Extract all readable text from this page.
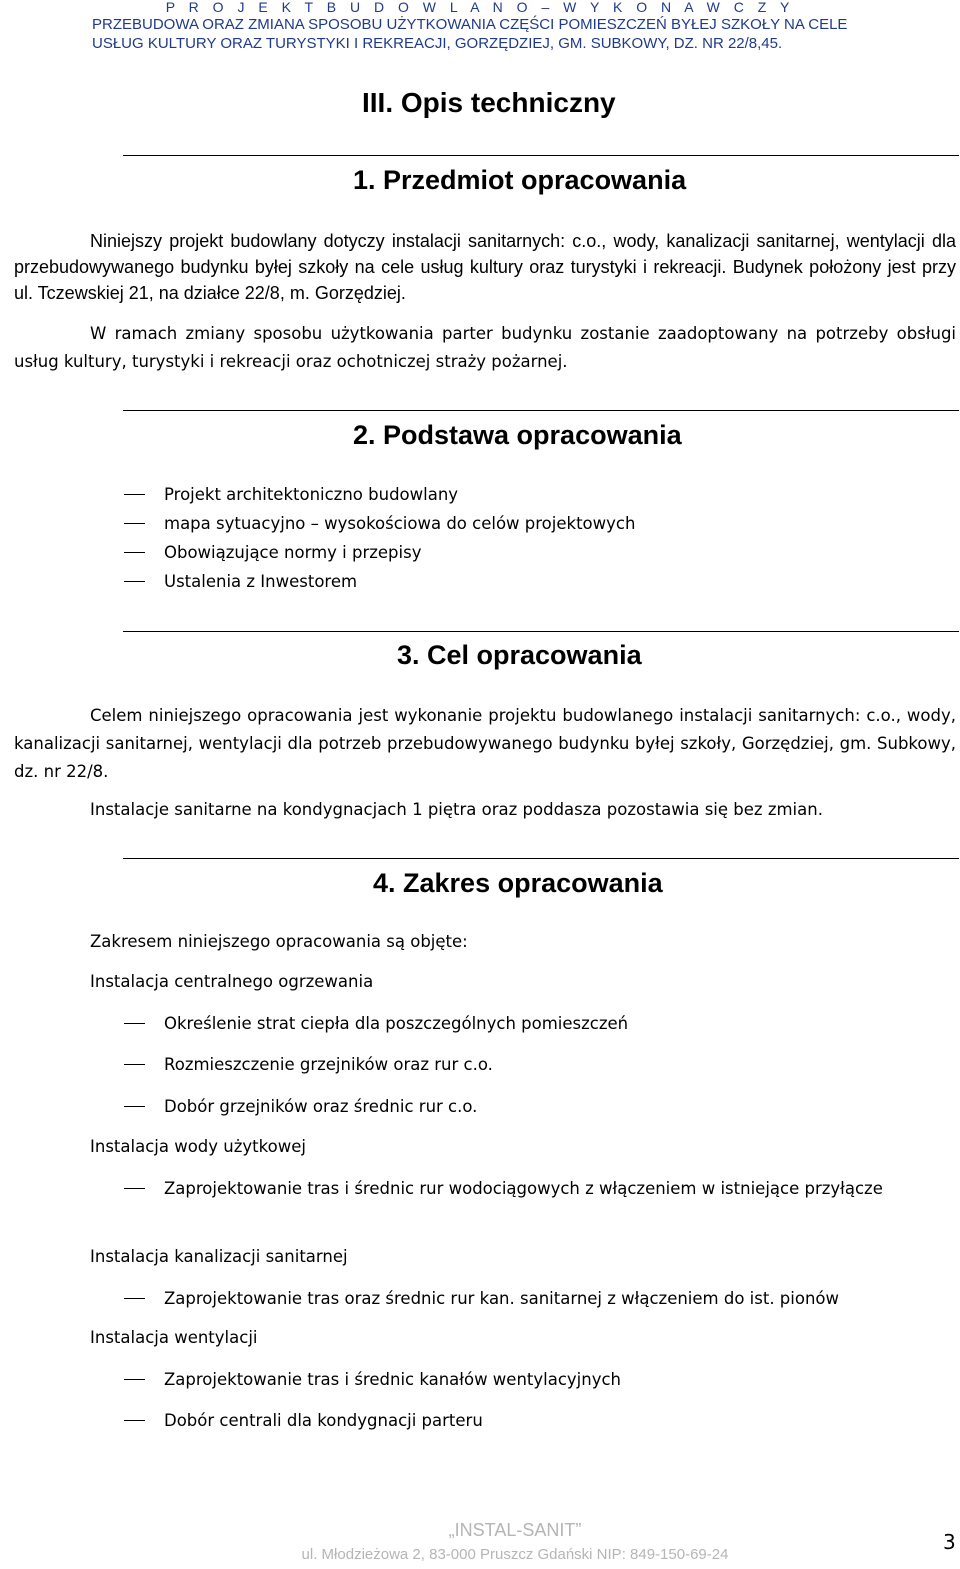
P R O J E K T B U D O W L A N O – W Y K O N A W C Z Y
PRZEBUDOWA ORAZ ZMIANA SPOSOBU UŻYTKOWANIA CZĘŚCI POMIESZCZEŃ BYŁEJ SZKOŁY NA CELE
USŁUG KULTURY ORAZ TURYSTYKI I REKREACJI, GORZĘDZIEJ, GM. SUBKOWY, DZ. NR 22/8,45.
III. Opis techniczny
1. Przedmiot opracowania
Niniejszy projekt budowlany dotyczy instalacji sanitarnych: c.o., wody, kanalizacji sanitarnej, wentylacji dla przebudowywanego budynku byłej szkoły na cele usług kultury oraz turystyki i rekreacji. Budynek położony jest przy ul. Tczewskiej 21, na działce 22/8, m. Gorzędziej.
W ramach zmiany sposobu użytkowania parter budynku zostanie zaadoptowany na potrzeby obsługi usług kultury, turystyki i rekreacji oraz ochotniczej straży pożarnej.
2. Podstawa opracowania
Projekt architektoniczno budowlany
mapa sytuacyjno – wysokościowa do celów projektowych
Obowiązujące normy i przepisy
Ustalenia z Inwestorem
3. Cel opracowania
Celem niniejszego opracowania jest wykonanie projektu budowlanego instalacji sanitarnych: c.o., wody, kanalizacji sanitarnej, wentylacji dla potrzeb przebudowywanego budynku byłej szkoły, Gorzędziej, gm. Subkowy, dz. nr 22/8.
Instalacje sanitarne na kondygnacjach 1 piętra oraz poddasza pozostawia się bez zmian.
4. Zakres opracowania
Zakresem niniejszego opracowania są objęte:
Instalacja centralnego ogrzewania
Określenie strat ciepła dla poszczególnych pomieszczeń
Rozmieszczenie grzejników oraz rur c.o.
Dobór grzejników oraz średnic rur c.o.
Instalacja wody użytkowej
Zaprojektowanie tras i średnic rur wodociągowych z włączeniem w istniejące przyłącze
Instalacja kanalizacji sanitarnej
Zaprojektowanie tras oraz średnic rur kan. sanitarnej z włączeniem do ist. pionów
Instalacja wentylacji
Zaprojektowanie tras i średnic kanałów wentylacyjnych
Dobór centrali dla kondygnacji parteru
„INSTAL-SANIT”
ul. Młodzieżowa 2, 83-000 Pruszcz Gdański NIP: 849-150-69-24
3
